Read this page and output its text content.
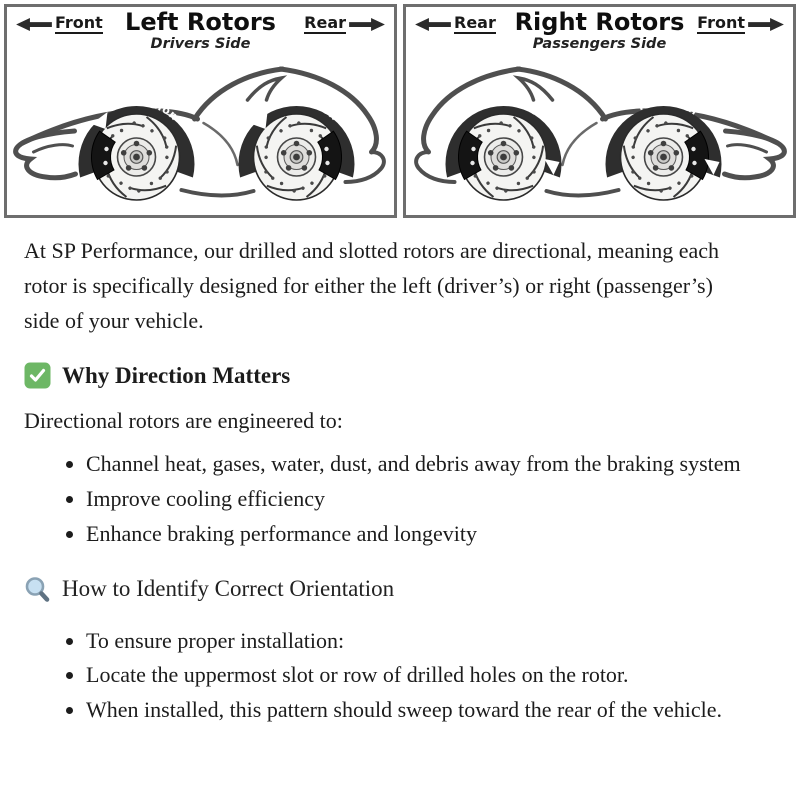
Front Left Rotors
Drivers Side
Rear
Rotation
Rotation
Rear Right Rotors
Passengers Side
Front
Rotation	Rotation

At SP Performance, our drilled and slotted rotors are directional, meaning each rotor is specifically designed for either the left (driver’s) or right (passenger’s) side of your vehicle.

Why Direction Matters

Directional rotors are engineered to:

• Channel heat, gases, water, dust, and debris away from the braking system
• Improve cooling efficiency
• Enhance braking performance and longevity
How to Identify Correct Orientation
• To ensure proper installation:
• Locate the uppermost slot or row of drilled holes on the rotor.
• When installed, this pattern should sweep toward the rear of the vehicle.
